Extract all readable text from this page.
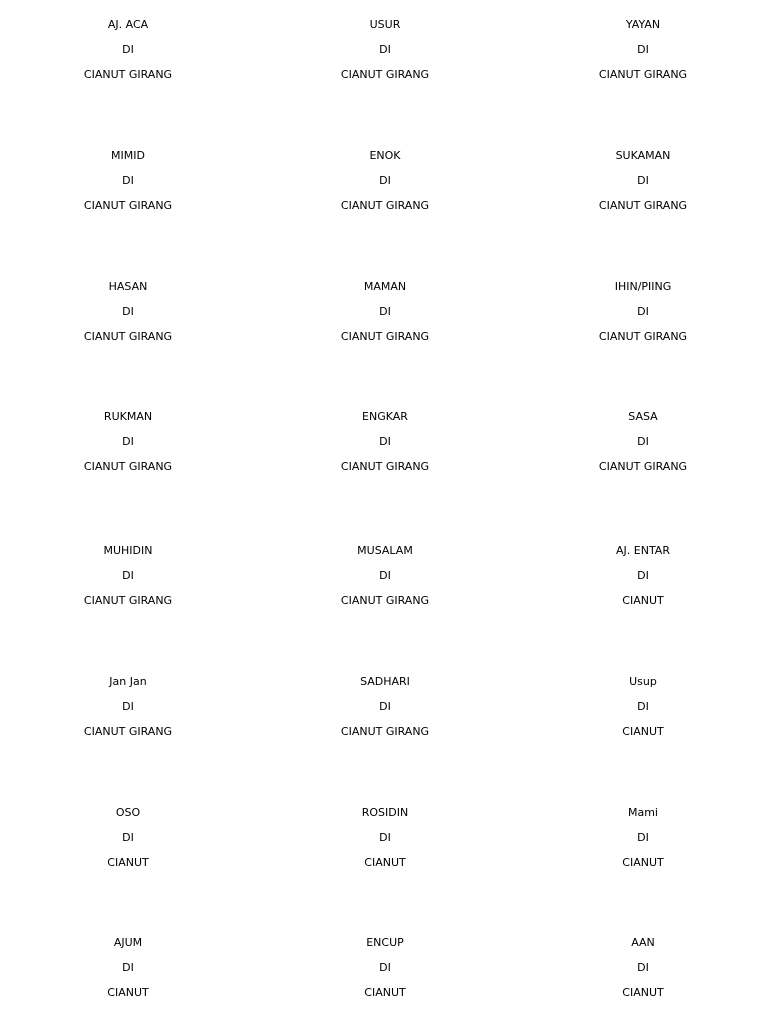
AJ. ACA
DI
CIANUT GIRANG
USUR
DI
CIANUT GIRANG
YAYAN
DI
CIANUT GIRANG
MIMID
DI
CIANUT GIRANG
ENOK
DI
CIANUT GIRANG
SUKAMAN
DI
CIANUT GIRANG
HASAN
DI
CIANUT GIRANG
MAMAN
DI
CIANUT GIRANG
IHIN/PIING
DI
CIANUT GIRANG
RUKMAN
DI
CIANUT GIRANG
ENGKAR
DI
CIANUT GIRANG
SASA
DI
CIANUT GIRANG
MUHIDIN
DI
CIANUT GIRANG
MUSALAM
DI
CIANUT GIRANG
AJ. ENTAR
DI
CIANUT
Jan Jan
DI
CIANUT GIRANG
SADHARI
DI
CIANUT GIRANG
Usup
DI
CIANUT
OSO
DI
CIANUT
ROSIDIN
DI
CIANUT
Mami
DI
CIANUT
AJUM
DI
CIANUT
ENCUP
DI
CIANUT
AAN
DI
CIANUT
